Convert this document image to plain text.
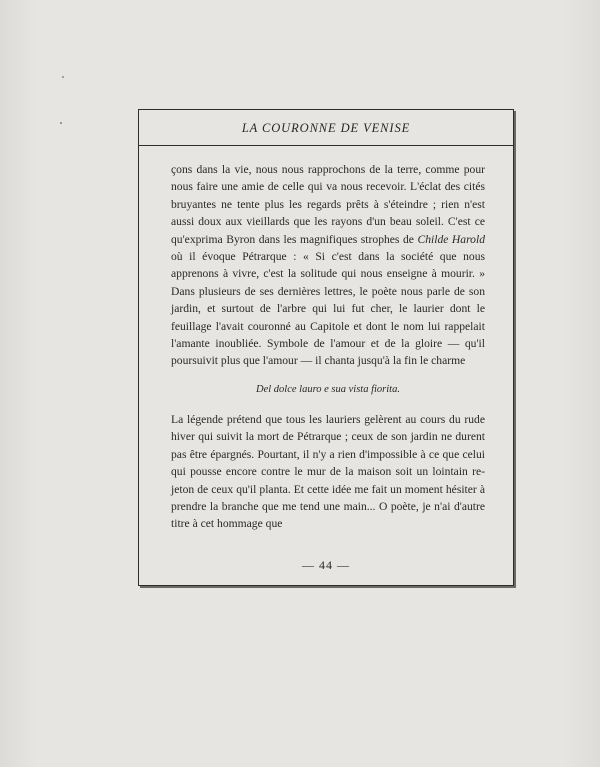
LA COURONNE DE VENISE

çons dans la vie, nous nous rapprochons de la terre, comme pour nous faire une amie de celle qui va nous recevoir. L'éclat des cités bruyantes ne tente plus les regards prêts à s'éteindre ; rien n'est aussi doux aux vieillards que les rayons d'un beau soleil. C'est ce qu'exprima Byron dans les magnifiques strophes de Childe Harold où il évoque Pétrarque : « Si c'est dans la société que nous apprenons à vivre, c'est la solitude qui nous enseigne à mourir. » Dans plusieurs de ses dernières lettres, le poète nous parle de son jardin, et surtout de l'arbre qui lui fut cher, le laurier dont le feuillage l'avait couronné au Capitole et dont le nom lui rappelait l'amante inoubliée. Symbole de l'amour et de la gloire — qu'il poursuivit plus que l'amour — il chanta jusqu'à la fin le charme

Del dolce lauro e sua vista fiorita.

La légende prétend que tous les lauriers gelèrent au cours du rude hiver qui suivit la mort de Pétrarque ; ceux de son jardin ne durent pas être épargnés. Pourtant, il n'y a rien d'impossible à ce que celui qui pousse encore contre le mur de la maison soit un lointain rejeton de ceux qu'il planta. Et cette idée me fait un moment hésiter à prendre la branche que me tend une main... O poète, je n'ai d'autre titre à cet hommage que

— 44 —
